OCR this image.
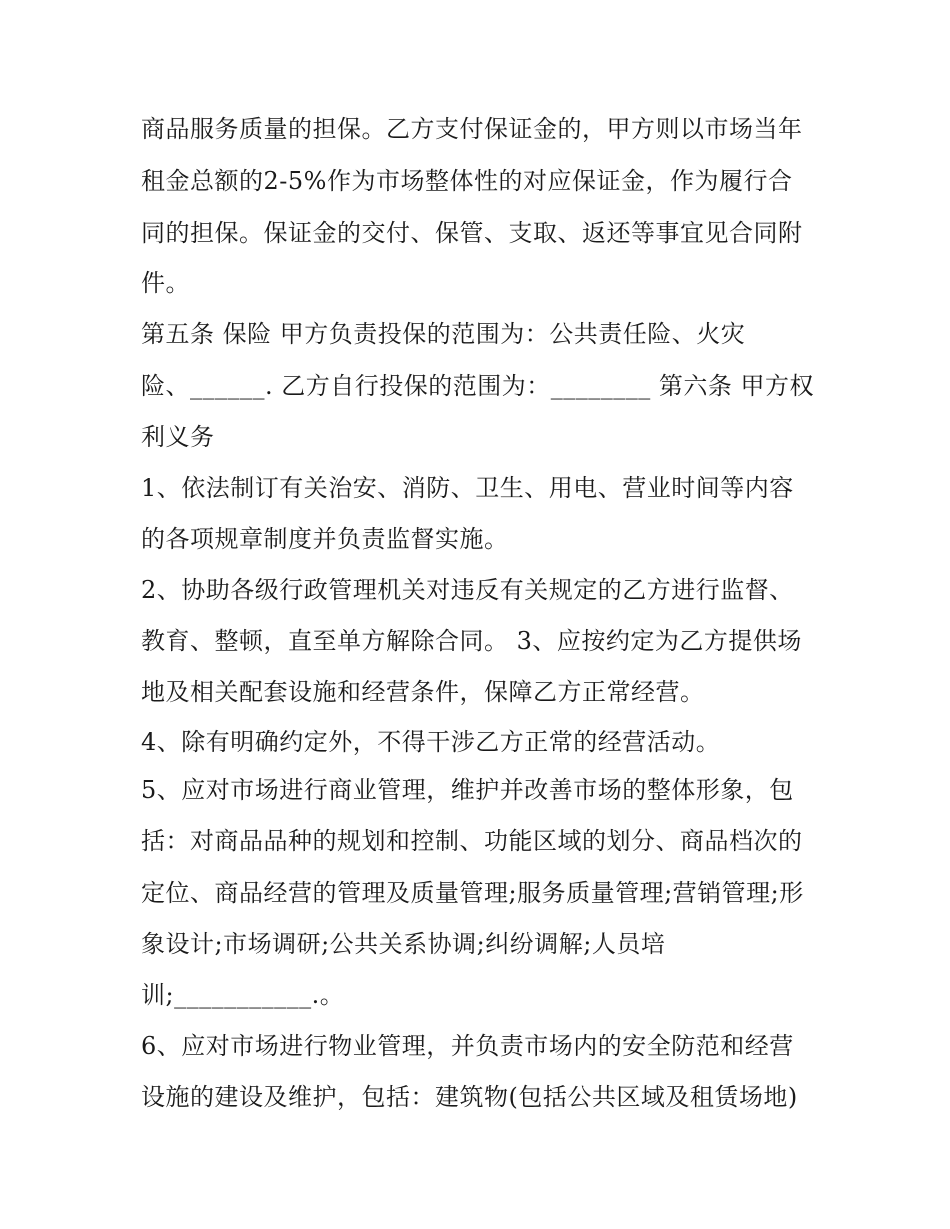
商品服务质量的担保。乙方支付保证金的，甲方则以市场当年
租金总额的2-5%作为市场整体性的对应保证金，作为履行合
同的担保。保证金的交付、保管、支取、返还等事宜见合同附
件。
第五条 保险 甲方负责投保的范围为：公共责任险、火灾
险、______. 乙方自行投保的范围为：________ 第六条 甲方权
利义务
1、依法制订有关治安、消防、卫生、用电、营业时间等内容
的各项规章制度并负责监督实施。
2、协助各级行政管理机关对违反有关规定的乙方进行监督、
教育、整顿，直至单方解除合同。 3、应按约定为乙方提供场
地及相关配套设施和经营条件，保障乙方正常经营。
4、除有明确约定外，不得干涉乙方正常的经营活动。
5、应对市场进行商业管理，维护并改善市场的整体形象，包
括：对商品品种的规划和控制、功能区域的划分、商品档次的
定位、商品经营的管理及质量管理;服务质量管理;营销管理;形
象设计;市场调研;公共关系协调;纠纷调解;人员培
训;___________.。
6、应对市场进行物业管理，并负责市场内的安全防范和经营
设施的建设及维护，包括：建筑物(包括公共区域及租赁场地)
